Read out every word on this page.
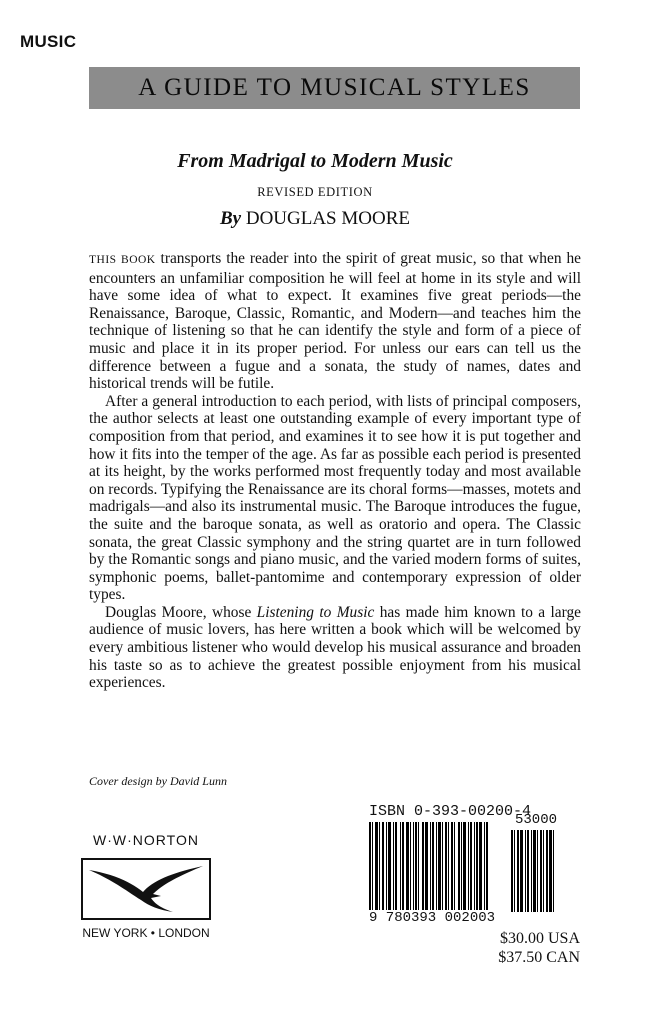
MUSIC
A GUIDE TO MUSICAL STYLES
From Madrigal to Modern Music
REVISED EDITION
By DOUGLAS MOORE

THIS BOOK transports the reader into the spirit of great music, so that when he encounters an unfamiliar composition he will feel at home in its style and will have some idea of what to expect. It examines five great periods—the Renaissance, Baroque, Classic, Romantic, and Modern—and teaches him the technique of listening so that he can identify the style and form of a piece of music and place it in its proper period. For unless our ears can tell us the difference between a fugue and a sonata, the study of names, dates and historical trends will be futile.

After a general introduction to each period, with lists of principal composers, the author selects at least one outstanding example of every important type of composition from that period, and examines it to see how it is put together and how it fits into the temper of the age. As far as possible each period is presented at its height, by the works performed most frequently today and most available on records. Typifying the Renaissance are its choral forms—masses, motets and madrigals—and also its instrumental music. The Baroque introduces the fugue, the suite and the baroque sonata, as well as oratorio and opera. The Classic sonata, the great Classic symphony and the string quartet are in turn followed by the Romantic songs and piano music, and the varied modern forms of suites, symphonic poems, ballet-pantomime and contemporary expression of older types.

Douglas Moore, whose Listening to Music has made him known to a large audience of music lovers, has here written a book which will be welcomed by every ambitious listener who would develop his musical assurance and broaden his taste so as to achieve the greatest possible enjoyment from his musical experiences.

Cover design by David Lunn
W·W·NORTON
NEW YORK • LONDON
ISBN 0-393-00200-4
53000
9 780393 002003
$30.00 USA
$37.50 CAN
